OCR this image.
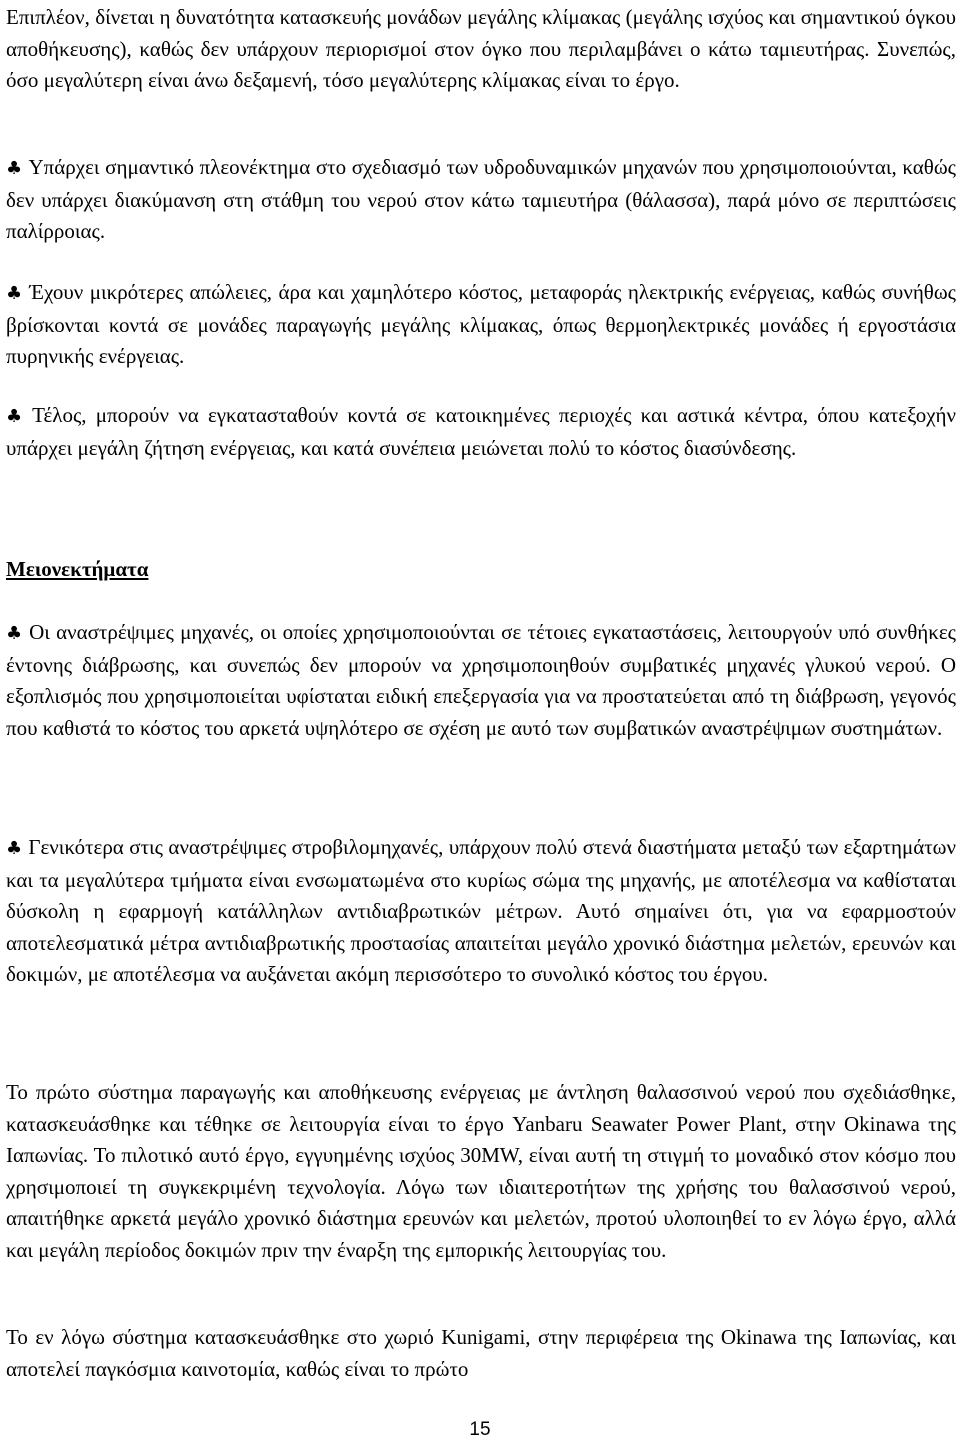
Επιπλέον, δίνεται η δυνατότητα κατασκευής μονάδων μεγάλης κλίμακας (μεγάλης ισχύος και σημαντικού όγκου αποθήκευσης), καθώς δεν υπάρχουν περιορισμοί στον όγκο που περιλαμβάνει ο κάτω ταμιευτήρας. Συνεπώς, όσο μεγαλύτερη είναι άνω δεξαμενή, τόσο μεγαλύτερης κλίμακας είναι το έργο.

♣ Υπάρχει σημαντικό πλεονέκτημα στο σχεδιασμό των υδροδυναμικών μηχανών που χρησιμοποιούνται, καθώς δεν υπάρχει διακύμανση στη στάθμη του νερού στον κάτω ταμιευτήρα (θάλασσα), παρά μόνο σε περιπτώσεις παλίρροιας.

♣ Έχουν μικρότερες απώλειες, άρα και χαμηλότερο κόστος, μεταφοράς ηλεκτρικής ενέργειας, καθώς συνήθως βρίσκονται κοντά σε μονάδες παραγωγής μεγάλης κλίμακας, όπως θερμοηλεκτρικές μονάδες ή εργοστάσια πυρηνικής ενέργειας.

♣ Τέλος, μπορούν να εγκατασταθούν κοντά σε κατοικημένες περιοχές και αστικά κέντρα, όπου κατεξοχήν υπάρχει μεγάλη ζήτηση ενέργειας, και κατά συνέπεια μειώνεται πολύ το κόστος διασύνδεσης.

Μειονεκτήματα

♣ Οι αναστρέψιμες μηχανές, οι οποίες χρησιμοποιούνται σε τέτοιες εγκαταστάσεις, λειτουργούν υπό συνθήκες έντονης διάβρωσης, και συνεπώς δεν μπορούν να χρησιμοποιηθούν συμβατικές μηχανές γλυκού νερού. Ο εξοπλισμός που χρησιμοποιείται υφίσταται ειδική επεξεργασία για να προστατεύεται από τη διάβρωση, γεγονός που καθιστά το κόστος του αρκετά υψηλότερο σε σχέση με αυτό των συμβατικών αναστρέψιμων συστημάτων.

♣ Γενικότερα στις αναστρέψιμες στροβιλομηχανές, υπάρχουν πολύ στενά διαστήματα μεταξύ των εξαρτημάτων και τα μεγαλύτερα τμήματα είναι ενσωματωμένα στο κυρίως σώμα της μηχανής, με αποτέλεσμα να καθίσταται δύσκολη η εφαρμογή κατάλληλων αντιδιαβρωτικών μέτρων. Αυτό σημαίνει ότι, για να εφαρμοστούν αποτελεσματικά μέτρα αντιδιαβρωτικής προστασίας απαιτείται μεγάλο χρονικό διάστημα μελετών, ερευνών και δοκιμών, με αποτέλεσμα να αυξάνεται ακόμη περισσότερο το συνολικό κόστος του έργου.

Το πρώτο σύστημα παραγωγής και αποθήκευσης ενέργειας με άντληση θαλασσινού νερού που σχεδιάσθηκε, κατασκευάσθηκε και τέθηκε σε λειτουργία είναι το έργο Yanbaru Seawater Power Plant, στην Okinawa της Ιαπωνίας. Το πιλοτικό αυτό έργο, εγγυημένης ισχύος 30MW, είναι αυτή τη στιγμή το μοναδικό στον κόσμο που χρησιμοποιεί τη συγκεκριμένη τεχνολογία. Λόγω των ιδιαιτεροτήτων της χρήσης του θαλασσινού νερού, απαιτήθηκε αρκετά μεγάλο χρονικό διάστημα ερευνών και μελετών, προτού υλοποιηθεί το εν λόγω έργο, αλλά και μεγάλη περίοδος δοκιμών πριν την έναρξη της εμπορικής λειτουργίας του.

Το εν λόγω σύστημα κατασκευάσθηκε στο χωριό Kunigami, στην περιφέρεια της Okinawa της Ιαπωνίας, και αποτελεί παγκόσμια καινοτομία, καθώς είναι το πρώτο

15
